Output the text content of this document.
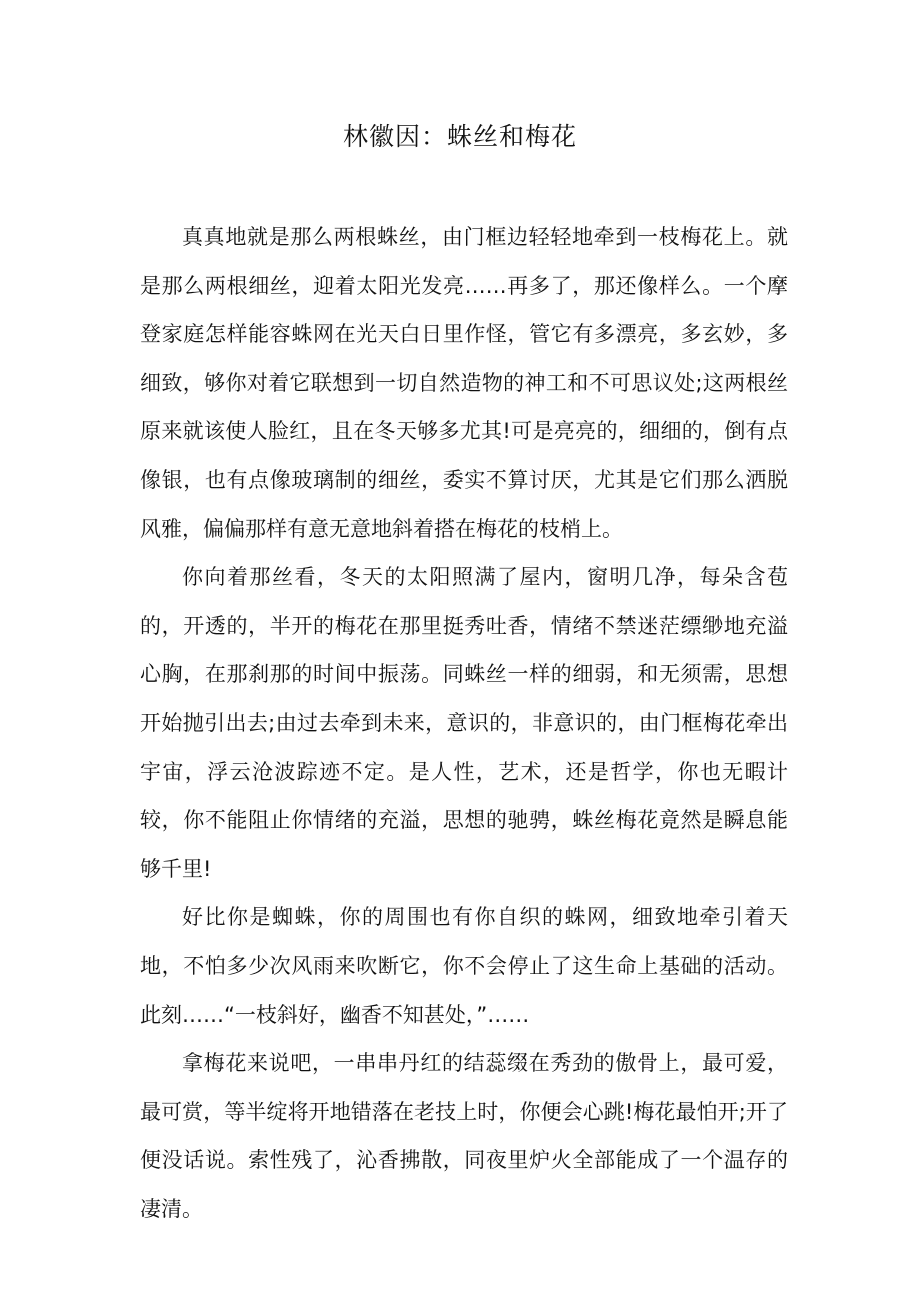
林徽因：蛛丝和梅花

真真地就是那么两根蛛丝，由门框边轻轻地牵到一枝梅花上。就是那么两根细丝，迎着太阳光发亮……再多了，那还像样么。一个摩登家庭怎样能容蛛网在光天白日里作怪，管它有多漂亮，多玄妙，多细致，够你对着它联想到一切自然造物的神工和不可思议处;这两根丝原来就该使人脸红，且在冬天够多尤其!可是亮亮的，细细的，倒有点像银，也有点像玻璃制的细丝，委实不算讨厌，尤其是它们那么洒脱风雅，偏偏那样有意无意地斜着搭在梅花的枝梢上。

你向着那丝看，冬天的太阳照满了屋内，窗明几净，每朵含苞的，开透的，半开的梅花在那里挺秀吐香，情绪不禁迷茫缥缈地充溢心胸，在那刹那的时间中振荡。同蛛丝一样的细弱，和无须需，思想开始抛引出去;由过去牵到未来，意识的，非意识的，由门框梅花牵出宇宙，浮云沧波踪迹不定。是人性，艺术，还是哲学，你也无暇计较，你不能阻止你情绪的充溢，思想的驰骋，蛛丝梅花竟然是瞬息能够千里!

好比你是蜘蛛，你的周围也有你自织的蛛网，细致地牵引着天地，不怕多少次风雨来吹断它，你不会停止了这生命上基础的活动。此刻……“一枝斜好，幽香不知甚处，”……

拿梅花来说吧，一串串丹红的结蕊缀在秀劲的傲骨上，最可爱，最可赏，等半绽将开地错落在老技上时，你便会心跳!梅花最怕开;开了便没话说。索性残了，沁香拂散，同夜里炉火全部能成了一个温存的凄清。
